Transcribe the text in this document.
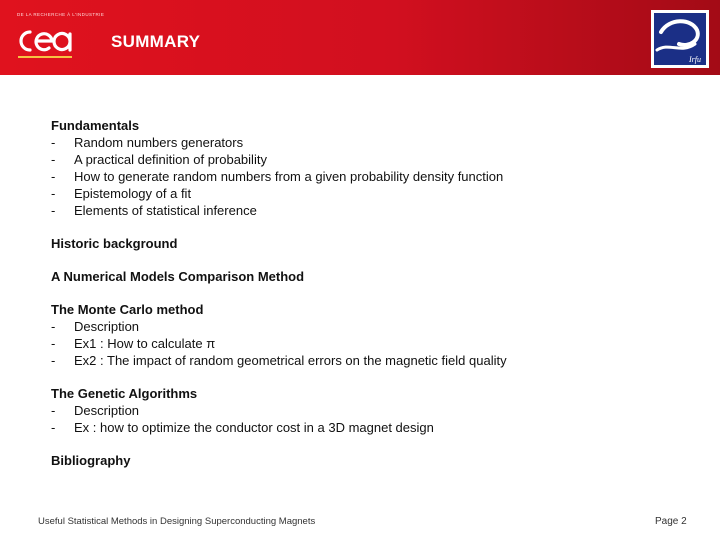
DE LA RECHERCHE À L'INDUSTRIE
SUMMARY
Irfu
Fundamentals
- Random numbers generators
- A practical definition of probability
- How to generate random numbers from a given probability density function
- Epistemology of a fit
- Elements of statistical inference
Historic background
A Numerical Models Comparison Method
The Monte Carlo method
- Description
- Ex1 : How to calculate π
- Ex2 : The impact of random geometrical errors on the magnetic field quality
The Genetic Algorithms
- Description
- Ex : how to optimize the conductor cost in a 3D magnet design
Bibliography
Useful Statistical Methods in Designing Superconducting Magnets	Page 2
